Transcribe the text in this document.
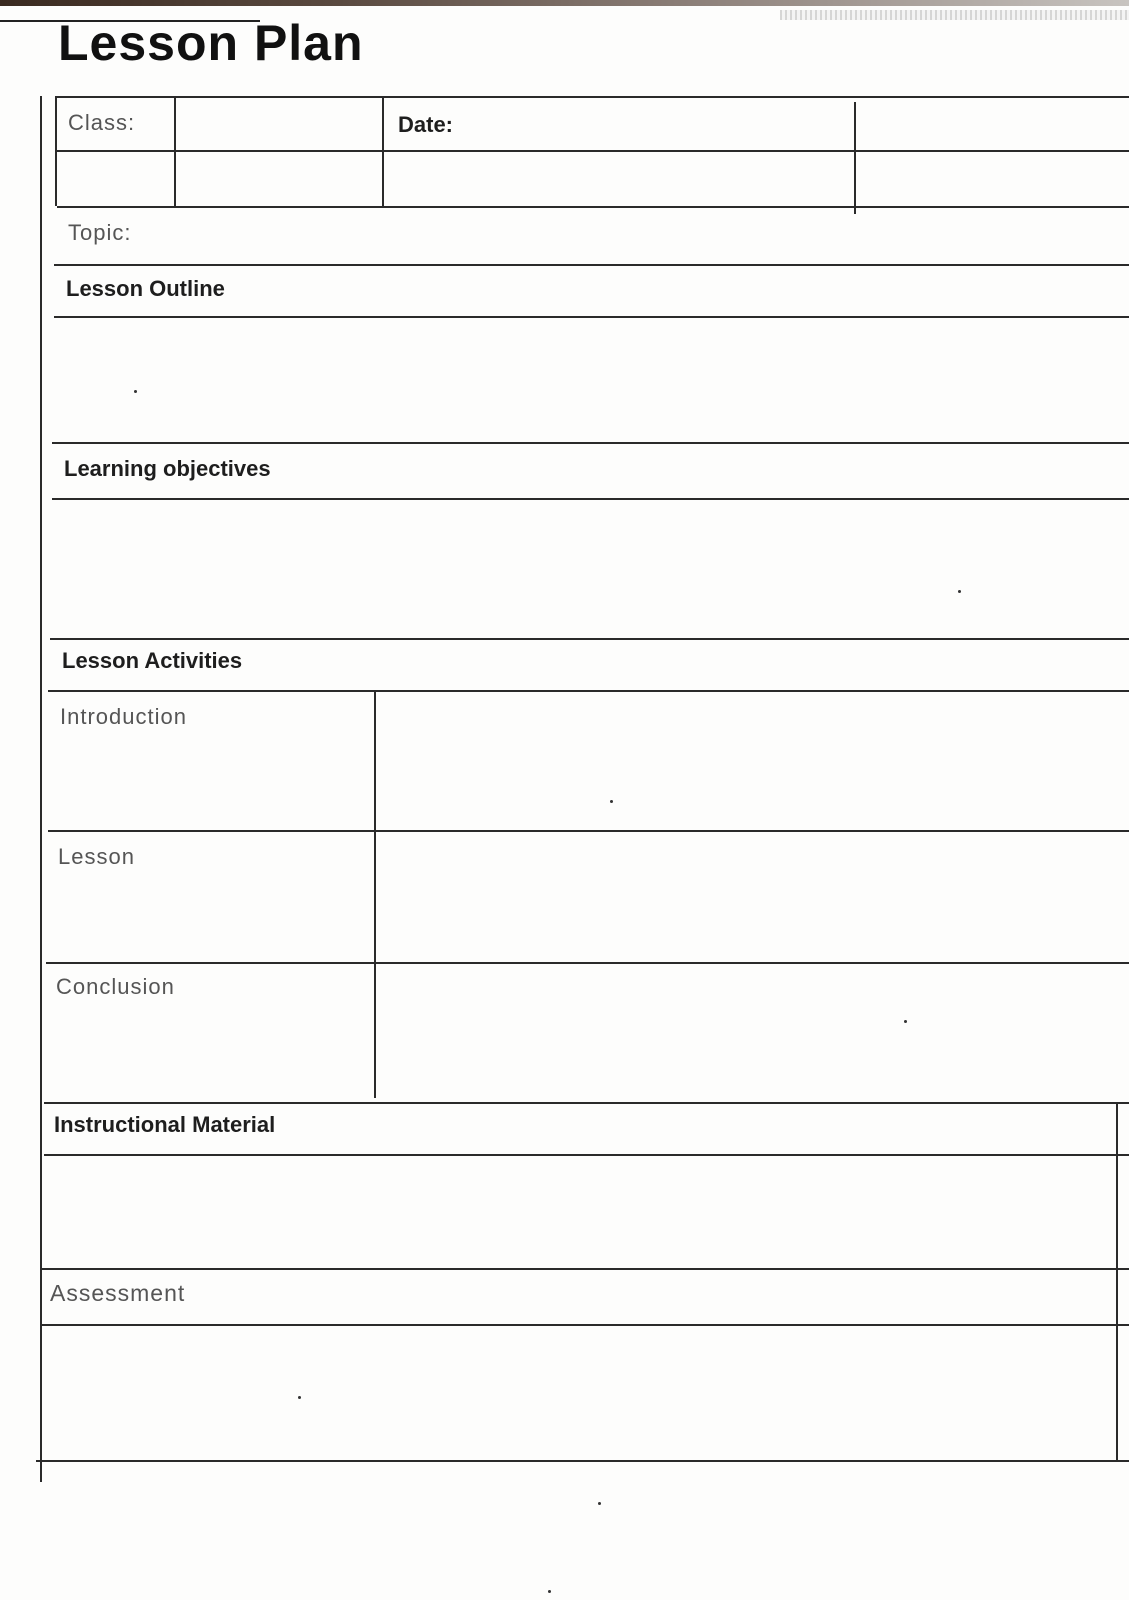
Lesson Plan
Class:	Date:
Topic:
Lesson Outline
Learning objectives
Lesson Activities
Introduction
Lesson
Conclusion
Instructional Material
Assessment
